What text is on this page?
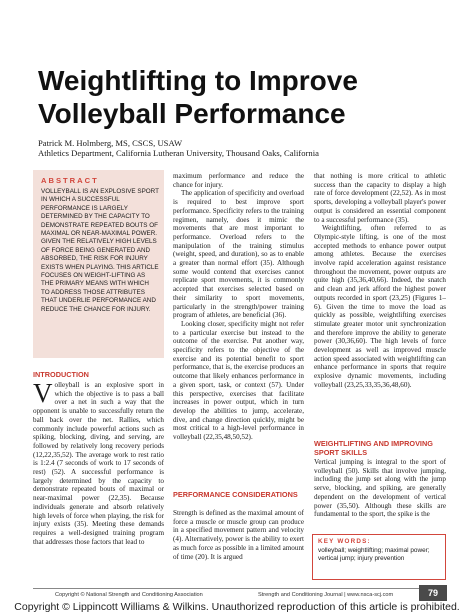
Weightlifting to Improve Volleyball Performance
Patrick M. Holmberg, MS, CSCS, USAW
Athletics Department, California Lutheran University, Thousand Oaks, California
ABSTRACT
VOLLEYBALL IS AN EXPLOSIVE SPORT IN WHICH A SUCCESSFUL PERFORMANCE IS LARGELY DETERMINED BY THE CAPACITY TO DEMONSTRATE REPEATED BOUTS OF MAXIMAL OR NEAR-MAXIMAL POWER. GIVEN THE RELATIVELY HIGH LEVELS OF FORCE BEING GENERATED AND ABSORBED, THE RISK FOR INJURY EXISTS WHEN PLAYING. THIS ARTICLE FOCUSES ON WEIGHT-LIFTING AS THE PRIMARY MEANS WITH WHICH TO ADDRESS THOSE ATTRIBUTES THAT UNDERLIE PERFORMANCE AND REDUCE THE CHANCE FOR INJURY.
INTRODUCTION

Volleyball is an explosive sport in which the objective is to pass a ball over a net in such a way that the opponent is unable to successfully return the ball back over the net. Rallies, which commonly include powerful actions such as spiking, blocking, diving, and serving, are followed by relatively long recovery periods (12,22,35,52). The average work to rest ratio is 1:2.4 (7 seconds of work to 17 seconds of rest) (52). A successful performance is largely determined by the capacity to demonstrate repeated bouts of maximal or near-maximal power (22,35). Because individuals generate and absorb relatively high levels of force when playing, the risk for injury exists (35). Meeting these demands requires a well-designed training program that addresses those factors that lead to

maximum performance and reduce the chance for injury.

The application of specificity and overload is required to best improve sport performance. Specificity refers to the training regimen, namely, does it mimic the movements that are most important to performance. Overload refers to the manipulation of the training stimulus (weight, speed, and duration), so as to enable a greater than normal effort (35). Although some would contend that exercises cannot replicate sport movements, it is commonly accepted that exercises selected based on their similarity to sport movements, particularly in the strength/power training program of athletes, are beneficial (36).

Looking closer, specificity might not refer to a particular exercise but instead to the outcome of the exercise. Put another way, specificity refers to the objective of the exercise and its potential benefit to sport performance, that is, the exercise produces an outcome that likely enhances performance in a given sport, task, or context (57). Under this perspective, exercises that facilitate increases in power output, which in turn develop the abilities to jump, accelerate, dive, and change direction quickly, might be most critical to a high-level performance in volleyball (22,35,48,50,52).

PERFORMANCE CONSIDERATIONS

Strength is defined as the maximal amount of force a muscle or muscle group can produce in a specified movement pattern and velocity (4). Alternatively, power is the ability to exert as much force as possible in a limited amount of time (20). It is argued

that nothing is more critical to athletic success than the capacity to display a high rate of force development (22,52). As in most sports, developing a volleyball player's power output is considered an essential component to a successful performance (35).

Weightlifting, often referred to as Olympic-style lifting, is one of the most accepted methods to enhance power output among athletes. Because the exercises involve rapid acceleration against resistance throughout the movement, power outputs are quite high (35,36,40,66). Indeed, the snatch and clean and jerk afford the highest power outputs recorded in sport (23,25) (Figures 1–6). Given the time to move the load as quickly as possible, weightlifting exercises stimulate greater motor unit synchronization and therefore improve the ability to generate power (30,36,60). The high levels of force development as well as improved muscle action speed associated with weightlifting can enhance performance in sports that require explosive dynamic movements, including volleyball (23,25,33,35,36,48,60).

WEIGHTLIFTING AND IMPROVING SPORT SKILLS

Vertical jumping is integral to the sport of volleyball (50). Skills that involve jumping, including the jump set along with the jump serve, blocking, and spiking, are generally dependent on the development of vertical power (35,50). Although these skills are fundamental to the sport, the spike is the

KEY WORDS:
volleyball; weightlifting; maximal power; vertical jump; injury prevention
Copyright © National Strength and Conditioning Association	Strength and Conditioning Journal | www.nsca-scj.com	79
Copyright © Lippincott Williams & Wilkins. Unauthorized reproduction of this article is prohibited.
